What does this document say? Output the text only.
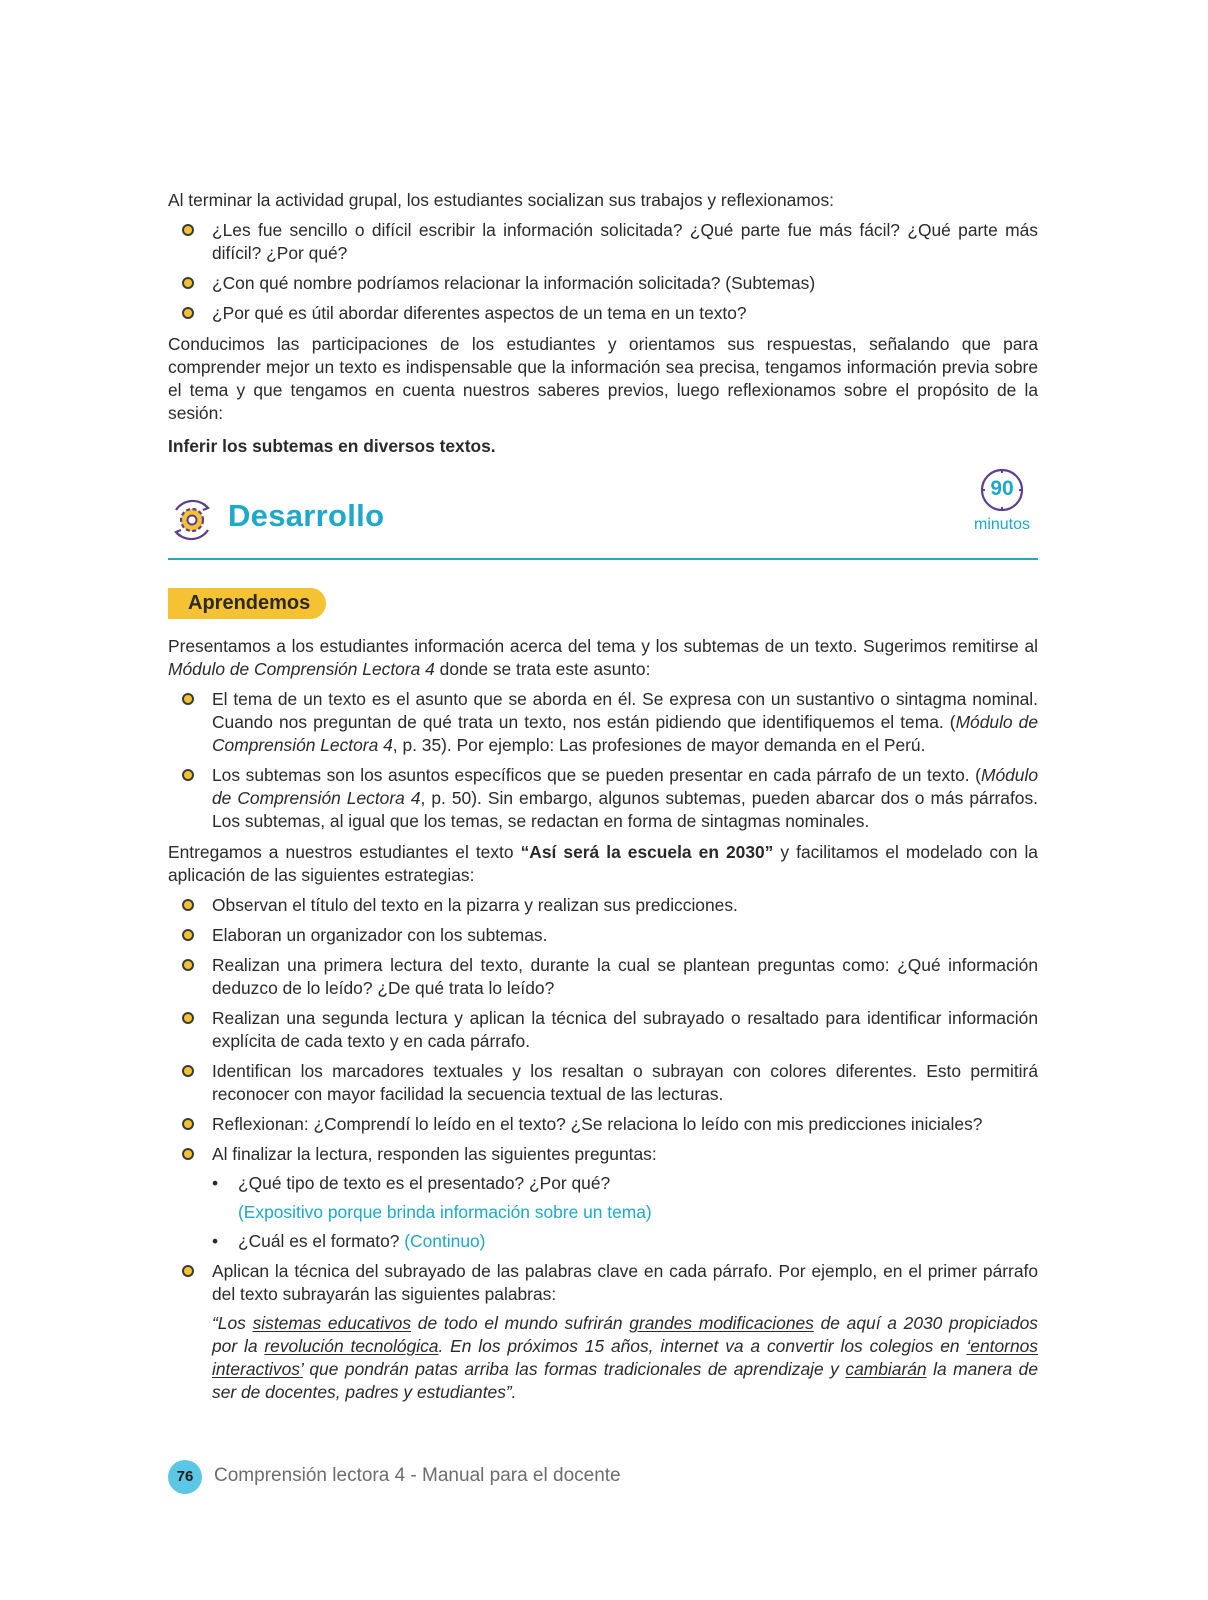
Al terminar la actividad grupal, los estudiantes socializan sus trabajos y reflexionamos:

¿Les fue sencillo o difícil escribir la información solicitada? ¿Qué parte fue más fácil? ¿Qué parte más difícil? ¿Por qué?
¿Con qué nombre podríamos relacionar la información solicitada? (Subtemas)
¿Por qué es útil abordar diferentes aspectos de un tema en un texto?

Conducimos las participaciones de los estudiantes y orientamos sus respuestas, señalando que para comprender mejor un texto es indispensable que la información sea precisa, tengamos información previa sobre el tema y que tengamos en cuenta nuestros saberes previos, luego reflexionamos sobre el propósito de la sesión:

Inferir los subtemas en diversos textos.

Desarrollo
90
minutos
Aprendemos

Presentamos a los estudiantes información acerca del tema y los subtemas de un texto. Sugerimos remitirse al Módulo de Comprensión Lectora 4 donde se trata este asunto:

El tema de un texto es el asunto que se aborda en él. Se expresa con un sustantivo o sintagma nominal. Cuando nos preguntan de qué trata un texto, nos están pidiendo que identifiquemos el tema. (Módulo de Comprensión Lectora 4, p. 35). Por ejemplo: Las profesiones de mayor demanda en el Perú.
Los subtemas son los asuntos específicos que se pueden presentar en cada párrafo de un texto. (Módulo de Comprensión Lectora 4, p. 50). Sin embargo, algunos subtemas, pueden abarcar dos o más párrafos. Los subtemas, al igual que los temas, se redactan en forma de sintagmas nominales.

Entregamos a nuestros estudiantes el texto “Así será la escuela en 2030” y facilitamos el modelado con la aplicación de las siguientes estrategias:

Observan el título del texto en la pizarra y realizan sus predicciones.
Elaboran un organizador con los subtemas.
Realizan una primera lectura del texto, durante la cual se plantean preguntas como: ¿Qué información deduzco de lo leído? ¿De qué trata lo leído?
Realizan una segunda lectura y aplican la técnica del subrayado o resaltado para identificar información explícita de cada texto y en cada párrafo.
Identifican los marcadores textuales y los resaltan o subrayan con colores diferentes. Esto permitirá reconocer con mayor facilidad la secuencia textual de las lecturas.
Reflexionan: ¿Comprendí lo leído en el texto? ¿Se relaciona lo leído con mis predicciones iniciales?
Al finalizar la lectura, responden las siguientes preguntas:
• ¿Qué tipo de texto es el presentado? ¿Por qué?
(Expositivo porque brinda información sobre un tema)
• ¿Cuál es el formato? (Continuo)
Aplican la técnica del subrayado de las palabras clave en cada párrafo. Por ejemplo, en el primer párrafo del texto subrayarán las siguientes palabras:

“Los sistemas educativos de todo el mundo sufrirán grandes modificaciones de aquí a 2030 propiciados por la revolución tecnológica. En los próximos 15 años, internet va a convertir los colegios en ‘entornos interactivos’ que pondrán patas arriba las formas tradicionales de aprendizaje y cambiarán la manera de ser de docentes, padres y estudiantes”.

76	Comprensión lectora 4 - Manual para el docente
